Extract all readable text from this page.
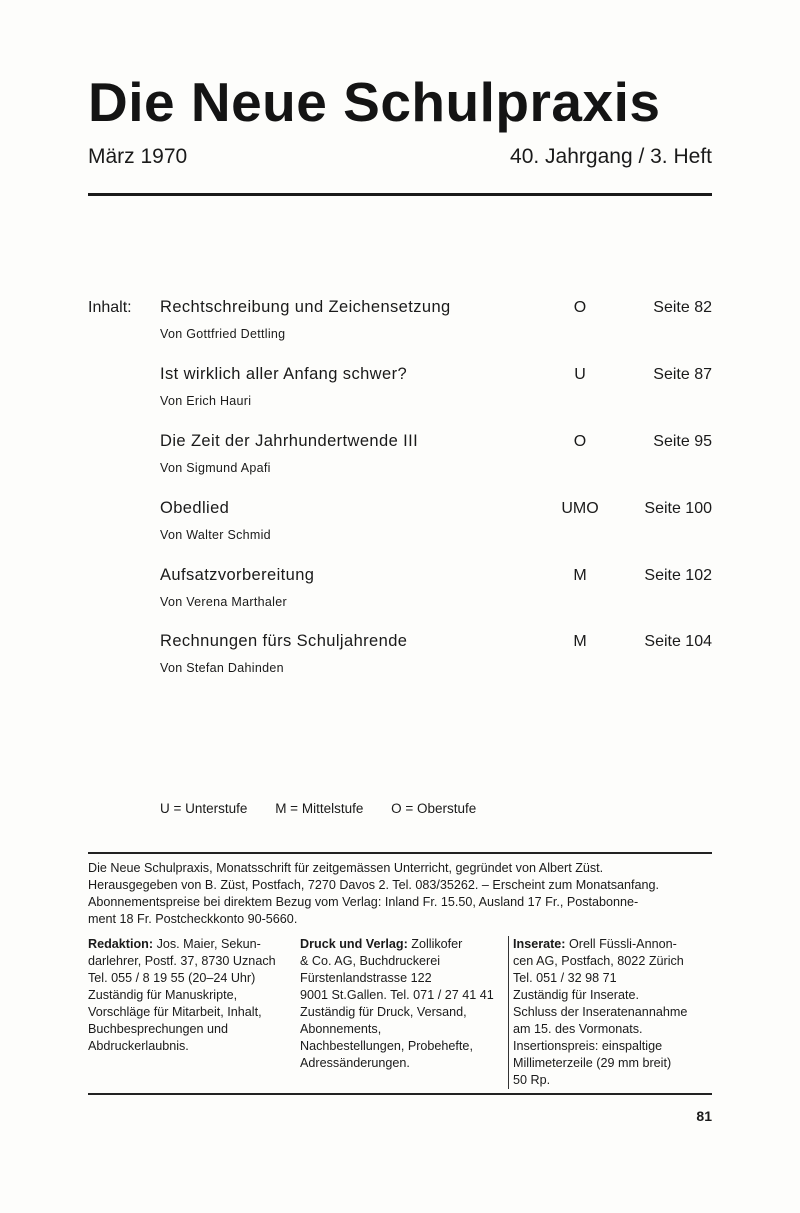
Die Neue Schulpraxis
März 1970	40. Jahrgang / 3. Heft
Inhalt: Rechtschreibung und Zeichensetzung
Von Gottfried Dettling
O	Seite 82
Ist wirklich aller Anfang schwer?
Von Erich Hauri
U	Seite 87
Die Zeit der Jahrhundertwende III
Von Sigmund Apafi
O	Seite 95
Obedlied
Von Walter Schmid
UMO	Seite 100
Aufsatzvorbereitung
Von Verena Marthaler
M	Seite 102
Rechnungen fürs Schuljahrende
Von Stefan Dahinden
M	Seite 104
U = Unterstufe M = Mittelstufe O = Oberstufe

Die Neue Schulpraxis, Monatsschrift für zeitgemässen Unterricht, gegründet von Albert Züst.

Herausgegeben von B. Züst, Postfach, 7270 Davos 2. Tel. 083/35262. – Erscheint zum Monatsanfang.

Abonnementspreise bei direktem Bezug vom Verlag: Inland Fr. 15.50, Ausland 17 Fr., Postabonne-

ment 18 Fr. Postcheckkonto 90-5660.

Redaktion: Jos. Maier, Sekun-
darlehrer, Postf. 37, 8730 Uznach
Tel. 055 / 8 19 55 (20–24 Uhr)
Zuständig für Manuskripte,
Vorschläge für Mitarbeit, Inhalt,
Buchbesprechungen und
Abdruckerlaubnis.
Druck und Verlag: Zollikofer
& Co. AG, Buchdruckerei
Fürstenlandstrasse 122
9001 St.Gallen. Tel. 071 / 27 41 41
Zuständig für Druck, Versand,
Abonnements,
Nachbestellungen, Probehefte,
Adressänderungen.
Inserate: Orell Füssli-Annon-
cen AG, Postfach, 8022 Zürich
Tel. 051 / 32 98 71
Zuständig für Inserate.
Schluss der Inseratenannahme
am 15. des Vormonats.
Insertionspreis: einspaltige
Millimeterzeile (29 mm breit)
50 Rp.
81
